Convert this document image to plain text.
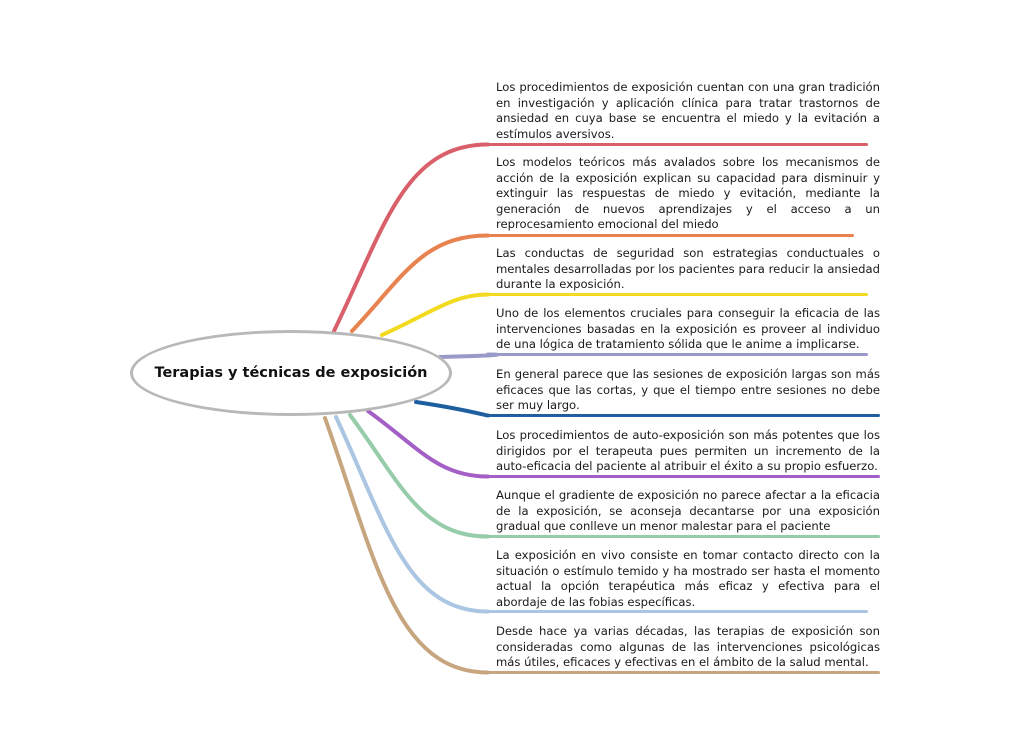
Terapias y técnicas de exposición
Los procedimientos de exposición cuentan con una gran tradición en investigación y aplicación clínica para tratar trastornos de ansiedad en cuya base se encuentra el miedo y la evitación a estímulos aversivos.
Los modelos teóricos más avalados sobre los mecanismos de acción de la exposición explican su capacidad para disminuir y extinguir las respuestas de miedo y evitación, mediante la generación de nuevos aprendizajes y el acceso a un reprocesamiento emocional del miedo
Las conductas de seguridad son estrategias conductuales o mentales desarrolladas por los pacientes para reducir la ansiedad durante la exposición.
Uno de los elementos cruciales para conseguir la eficacia de las intervenciones basadas en la exposición es proveer al individuo de una lógica de tratamiento sólida que le anime a implicarse.
En general parece que las sesiones de exposición largas son más eficaces que las cortas, y que el tiempo entre sesiones no debe ser muy largo.
Los procedimientos de auto-exposición son más potentes que los dirigidos por el terapeuta pues permiten un incremento de la auto-eficacia del paciente al atribuir el éxito a su propio esfuerzo.
Aunque el gradiente de exposición no parece afectar a la eficacia de la exposición, se aconseja decantarse por una exposición gradual que conlleve un menor malestar para el paciente
La exposición en vivo consiste en tomar contacto directo con la situación o estímulo temido y ha mostrado ser hasta el momento actual la opción terapéutica más eficaz y efectiva para el abordaje de las fobias específicas.
Desde hace ya varias décadas, las terapias de exposición son consideradas como algunas de las intervenciones psicológicas más útiles, eficaces y efectivas en el ámbito de la salud mental.
